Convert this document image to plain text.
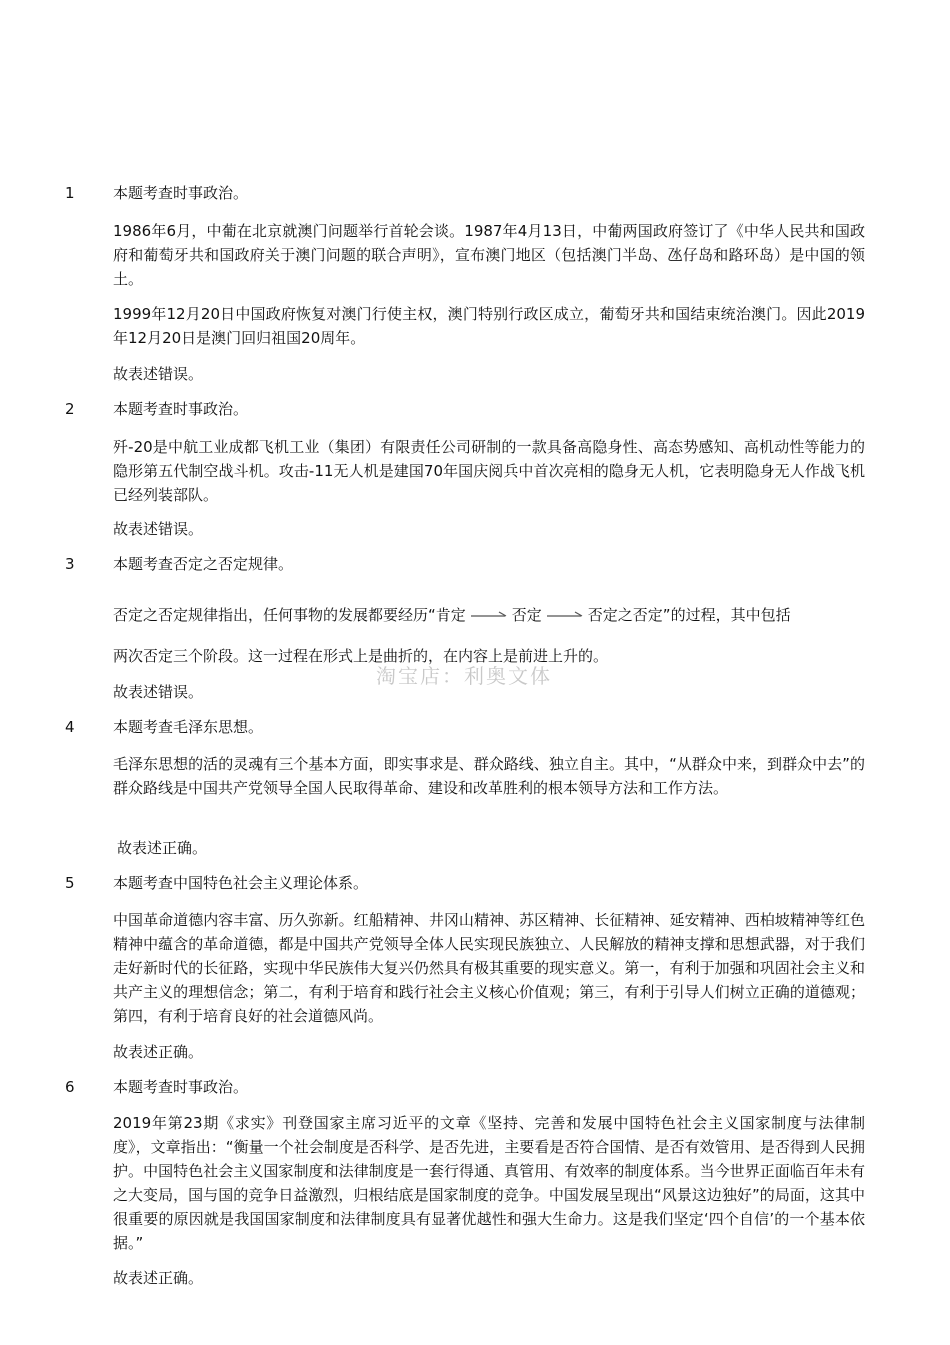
1	本题考查时事政治。
1986年6月，中葡在北京就澳门问题举行首轮会谈。1987年4月13日，中葡两国政府签订了《中华人民共和国政府和葡萄牙共和国政府关于澳门问题的联合声明》，宣布澳门地区（包括澳门半岛、氹仔岛和路环岛）是中国的领土。
1999年12月20日中国政府恢复对澳门行使主权，澳门特别行政区成立，葡萄牙共和国结束统治澳门。因此2019年12月20日是澳门回归祖国20周年。
故表述错误。
2	本题考查时事政治。
歼-20是中航工业成都飞机工业（集团）有限责任公司研制的一款具备高隐身性、高态势感知、高机动性等能力的隐形第五代制空战斗机。攻击-11无人机是建国70年国庆阅兵中首次亮相的隐身无人机，它表明隐身无人作战飞机已经列装部队。
故表述错误。
3	本题考查否定之否定规律。
否定之否定规律指出，任何事物的发展都要经历“肯定	否定	否定之否定”的过程，其中包括
两次否定三个阶段。这一过程在形式上是曲折的，在内容上是前进上升的。
故表述错误。
4	本题考查毛泽东思想。
毛泽东思想的活的灵魂有三个基本方面，即实事求是、群众路线、独立自主。其中，“从群众中来，到群众中去”的群众路线是中国共产党领导全国人民取得革命、建设和改革胜利的根本领导方法和工作方法。
故表述正确。
5	本题考查中国特色社会主义理论体系。
中国革命道德内容丰富、历久弥新。红船精神、井冈山精神、苏区精神、长征精神、延安精神、西柏坡精神等红色精神中蕴含的革命道德，都是中国共产党领导全体人民实现民族独立、人民解放的精神支撑和思想武器，对于我们走好新时代的长征路，实现中华民族伟大复兴仍然具有极其重要的现实意义。第一，有利于加强和巩固社会主义和共产主义的理想信念；第二，有利于培育和践行社会主义核心价值观；第三，有利于引导人们树立正确的道德观；第四，有利于培育良好的社会道德风尚。
故表述正确。
6	本题考查时事政治。
2019年第23期《求实》刊登国家主席习近平的文章《坚持、完善和发展中国特色社会主义国家制度与法律制度》，文章指出：“衡量一个社会制度是否科学、是否先进，主要看是否符合国情、是否有效管用、是否得到人民拥护。中国特色社会主义国家制度和法律制度是一套行得通、真管用、有效率的制度体系。当今世界正面临百年未有之大变局，国与国的竞争日益激烈，归根结底是国家制度的竞争。中国发展呈现出“风景这边独好”的局面，这其中很重要的原因就是我国国家制度和法律制度具有显著优越性和强大生命力。这是我们坚定‘四个自信’的一个基本依据。”
故表述正确。
淘宝店：利奥文体
